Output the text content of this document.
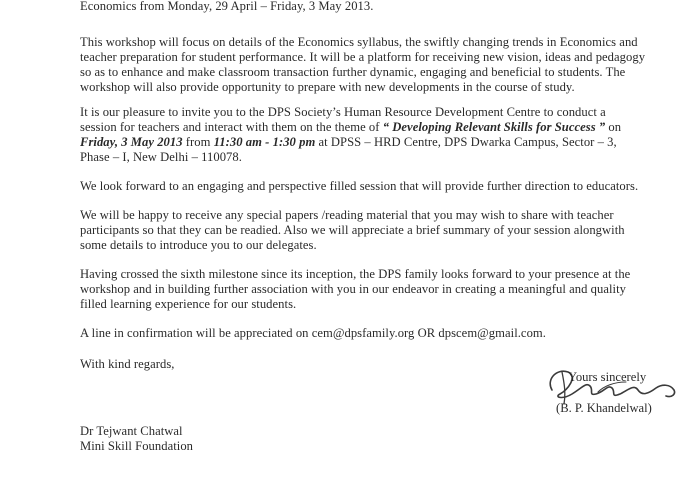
Economics from Monday, 29 April – Friday, 3 May 2013.
This workshop will focus on details of the Economics syllabus, the swiftly changing trends in Economics and
teacher preparation for student performance. It will be a platform for receiving new vision, ideas and pedagogy
so as to enhance and make classroom transaction further dynamic, engaging and beneficial to students. The
workshop will also provide opportunity to prepare with new developments in the course of study.
It is our pleasure to invite you to the DPS Society’s Human Resource Development Centre to conduct a
session for teachers and interact with them on the theme of “ Developing Relevant Skills for Success ” on
Friday, 3 May 2013 from 11:30 am - 1:30 pm at DPSS – HRD Centre, DPS Dwarka Campus, Sector – 3,
Phase – I, New Delhi – 110078.
We look forward to an engaging and perspective filled session that will provide further direction to educators.
We will be happy to receive any special papers /reading material that you may wish to share with teacher
participants so that they can be readied. Also we will appreciate a brief summary of your session alongwith
some details to introduce you to our delegates.
Having crossed the sixth milestone since its inception, the DPS family looks forward to your presence at the
workshop and in building further association with you in our endeavor in creating a meaningful and quality
filled learning experience for our students.
A line in confirmation will be appreciated on cem@dpsfamily.org OR dpscem@gmail.com.
With kind regards,
Yours sincerely
(B. P. Khandelwal)
Dr Tejwant Chatwal
Mini Skill Foundation
